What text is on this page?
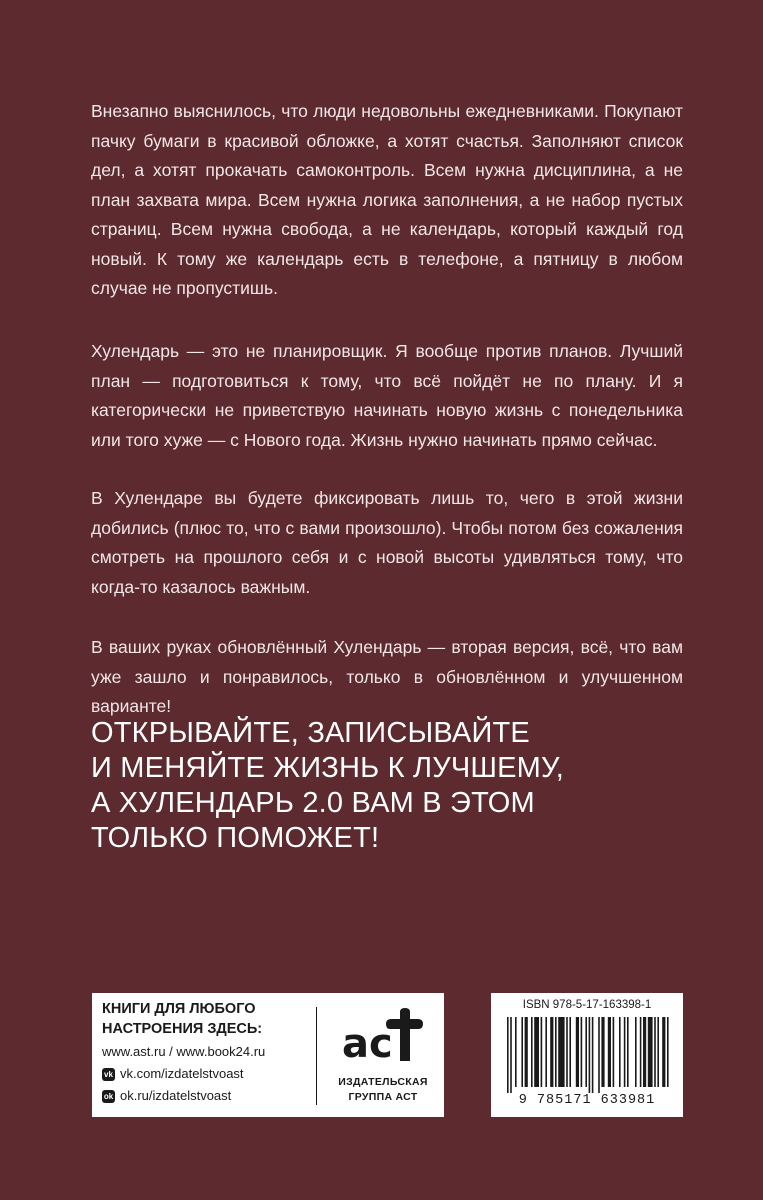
Внезапно выяснилось, что люди недовольны ежедневниками. Покупают пачку бумаги в красивой обложке, а хотят счастья. Заполняют список дел, а хотят прокачать самоконтроль. Всем нужна дисциплина, а не план захвата мира. Всем нужна логика заполнения, а не набор пустых страниц. Всем нужна свобода, а не календарь, который каждый год новый. К тому же календарь есть в телефоне, а пятницу в любом случае не пропустишь.

Хулендарь — это не планировщик. Я вообще против планов. Лучший план — подготовиться к тому, что всё пойдёт не по плану. И я категорически не приветствую начинать новую жизнь с понедельника или того хуже — с Нового года. Жизнь нужно начинать прямо сейчас.

В Хулендаре вы будете фиксировать лишь то, чего в этой жизни добились (плюс то, что с вами произошло). Чтобы потом без сожаления смотреть на прошлого себя и с новой высоты удивляться тому, что когда-то казалось важным.

В ваших руках обновлённый Хулендарь — вторая версия, всё, что вам уже зашло и понравилось, только в обновлённом и улучшенном варианте!

ОТКРЫВАЙТЕ, ЗАПИСЫВАЙТЕ
И МЕНЯЙТЕ ЖИЗНЬ К ЛУЧШЕМУ,
А ХУЛЕНДАРЬ 2.0 ВАМ В ЭТОМ
ТОЛЬКО ПОМОЖЕТ!
КНИГИ ДЛЯ ЛЮБОГО
НАСТРОЕНИЯ ЗДЕСЬ:
www.ast.ru / www.book24.ru
vk vk.com/izdatelstvoast
ok ok.ru/izdatelstvoast
ас
ИЗДАТЕЛЬСКАЯ
ГРУППА АСТ
ISBN 978-5-17-163398-1
9 785171 633981
